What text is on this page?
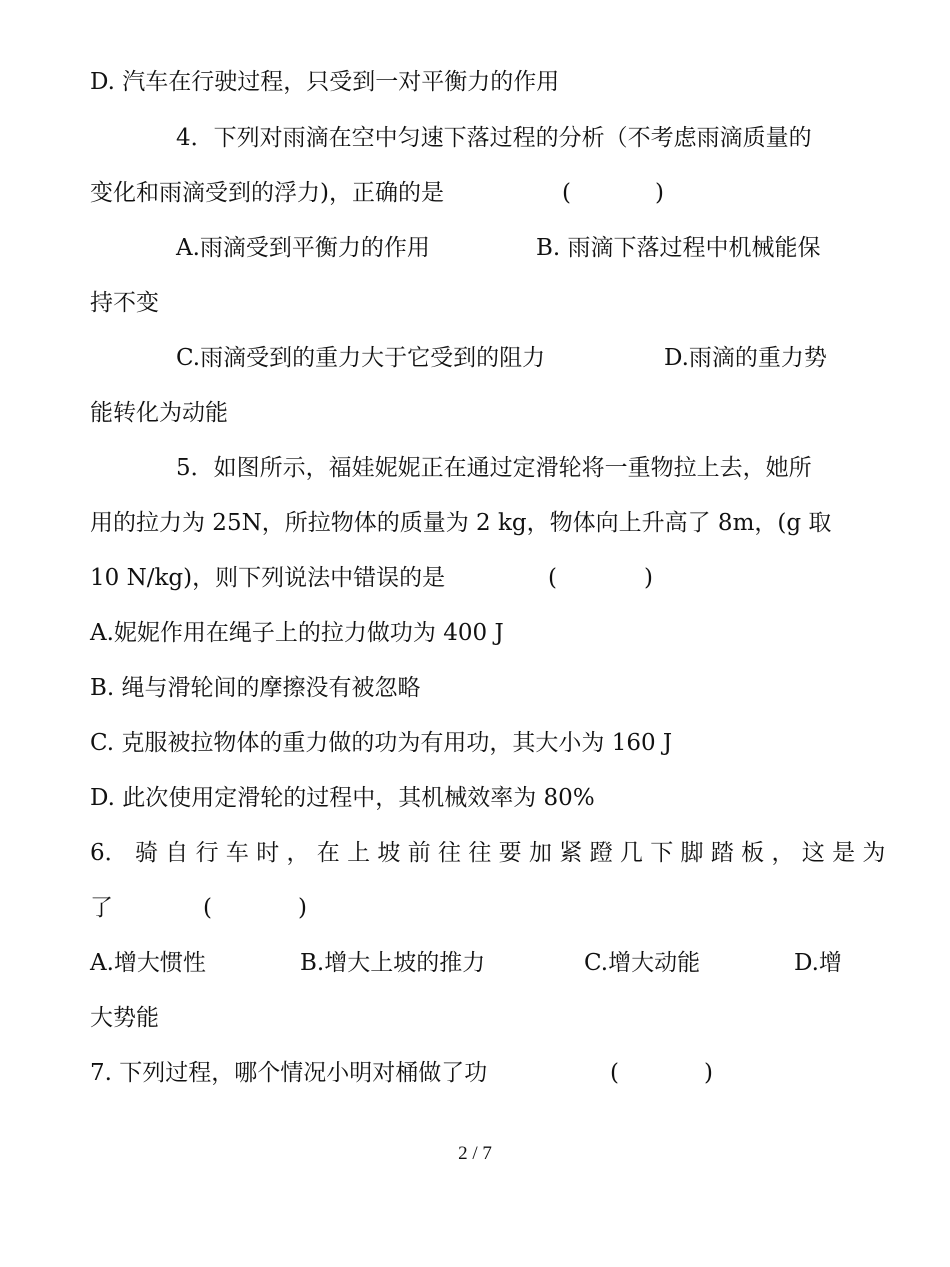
D. 汽车在行驶过程，只受到一对平衡力的作用

4．下列对雨滴在空中匀速下落过程的分析（不考虑雨滴质量的

变化和雨滴受到的浮力)，正确的是

	(

	)

A.雨滴受到平衡力的作用

	B. 雨滴下落过程中机械能保

持不变

C.雨滴受到的重力大于它受到的阻力

	D.雨滴的重力势

能转化为动能

5．如图所示，福娃妮妮正在通过定滑轮将一重物拉上去，她所

用的拉力为 25N，所拉物体的质量为 2 kg，物体向上升高了 8m，(g 取

10 N/kg)，则下列说法中错误的是

	(

	)

A.妮妮作用在绳子上的拉力做功为 400 J

B. 绳与滑轮间的摩擦没有被忽略

C. 克服被拉物体的重力做的功为有用功，其大小为 160 J

D. 此次使用定滑轮的过程中，其机械效率为 80%

6． 骑 自 行 车 时 ， 在 上 坡 前 往 往 要 加 紧 蹬 几 下 脚 踏 板 ， 这 是 为

了

	(

	)

A.增大惯性

	B.增大上坡的推力

	C.增大动能

	D.增

大势能

7. 下列过程，哪个情况小明对桶做了功

	(

	)

2 / 7
